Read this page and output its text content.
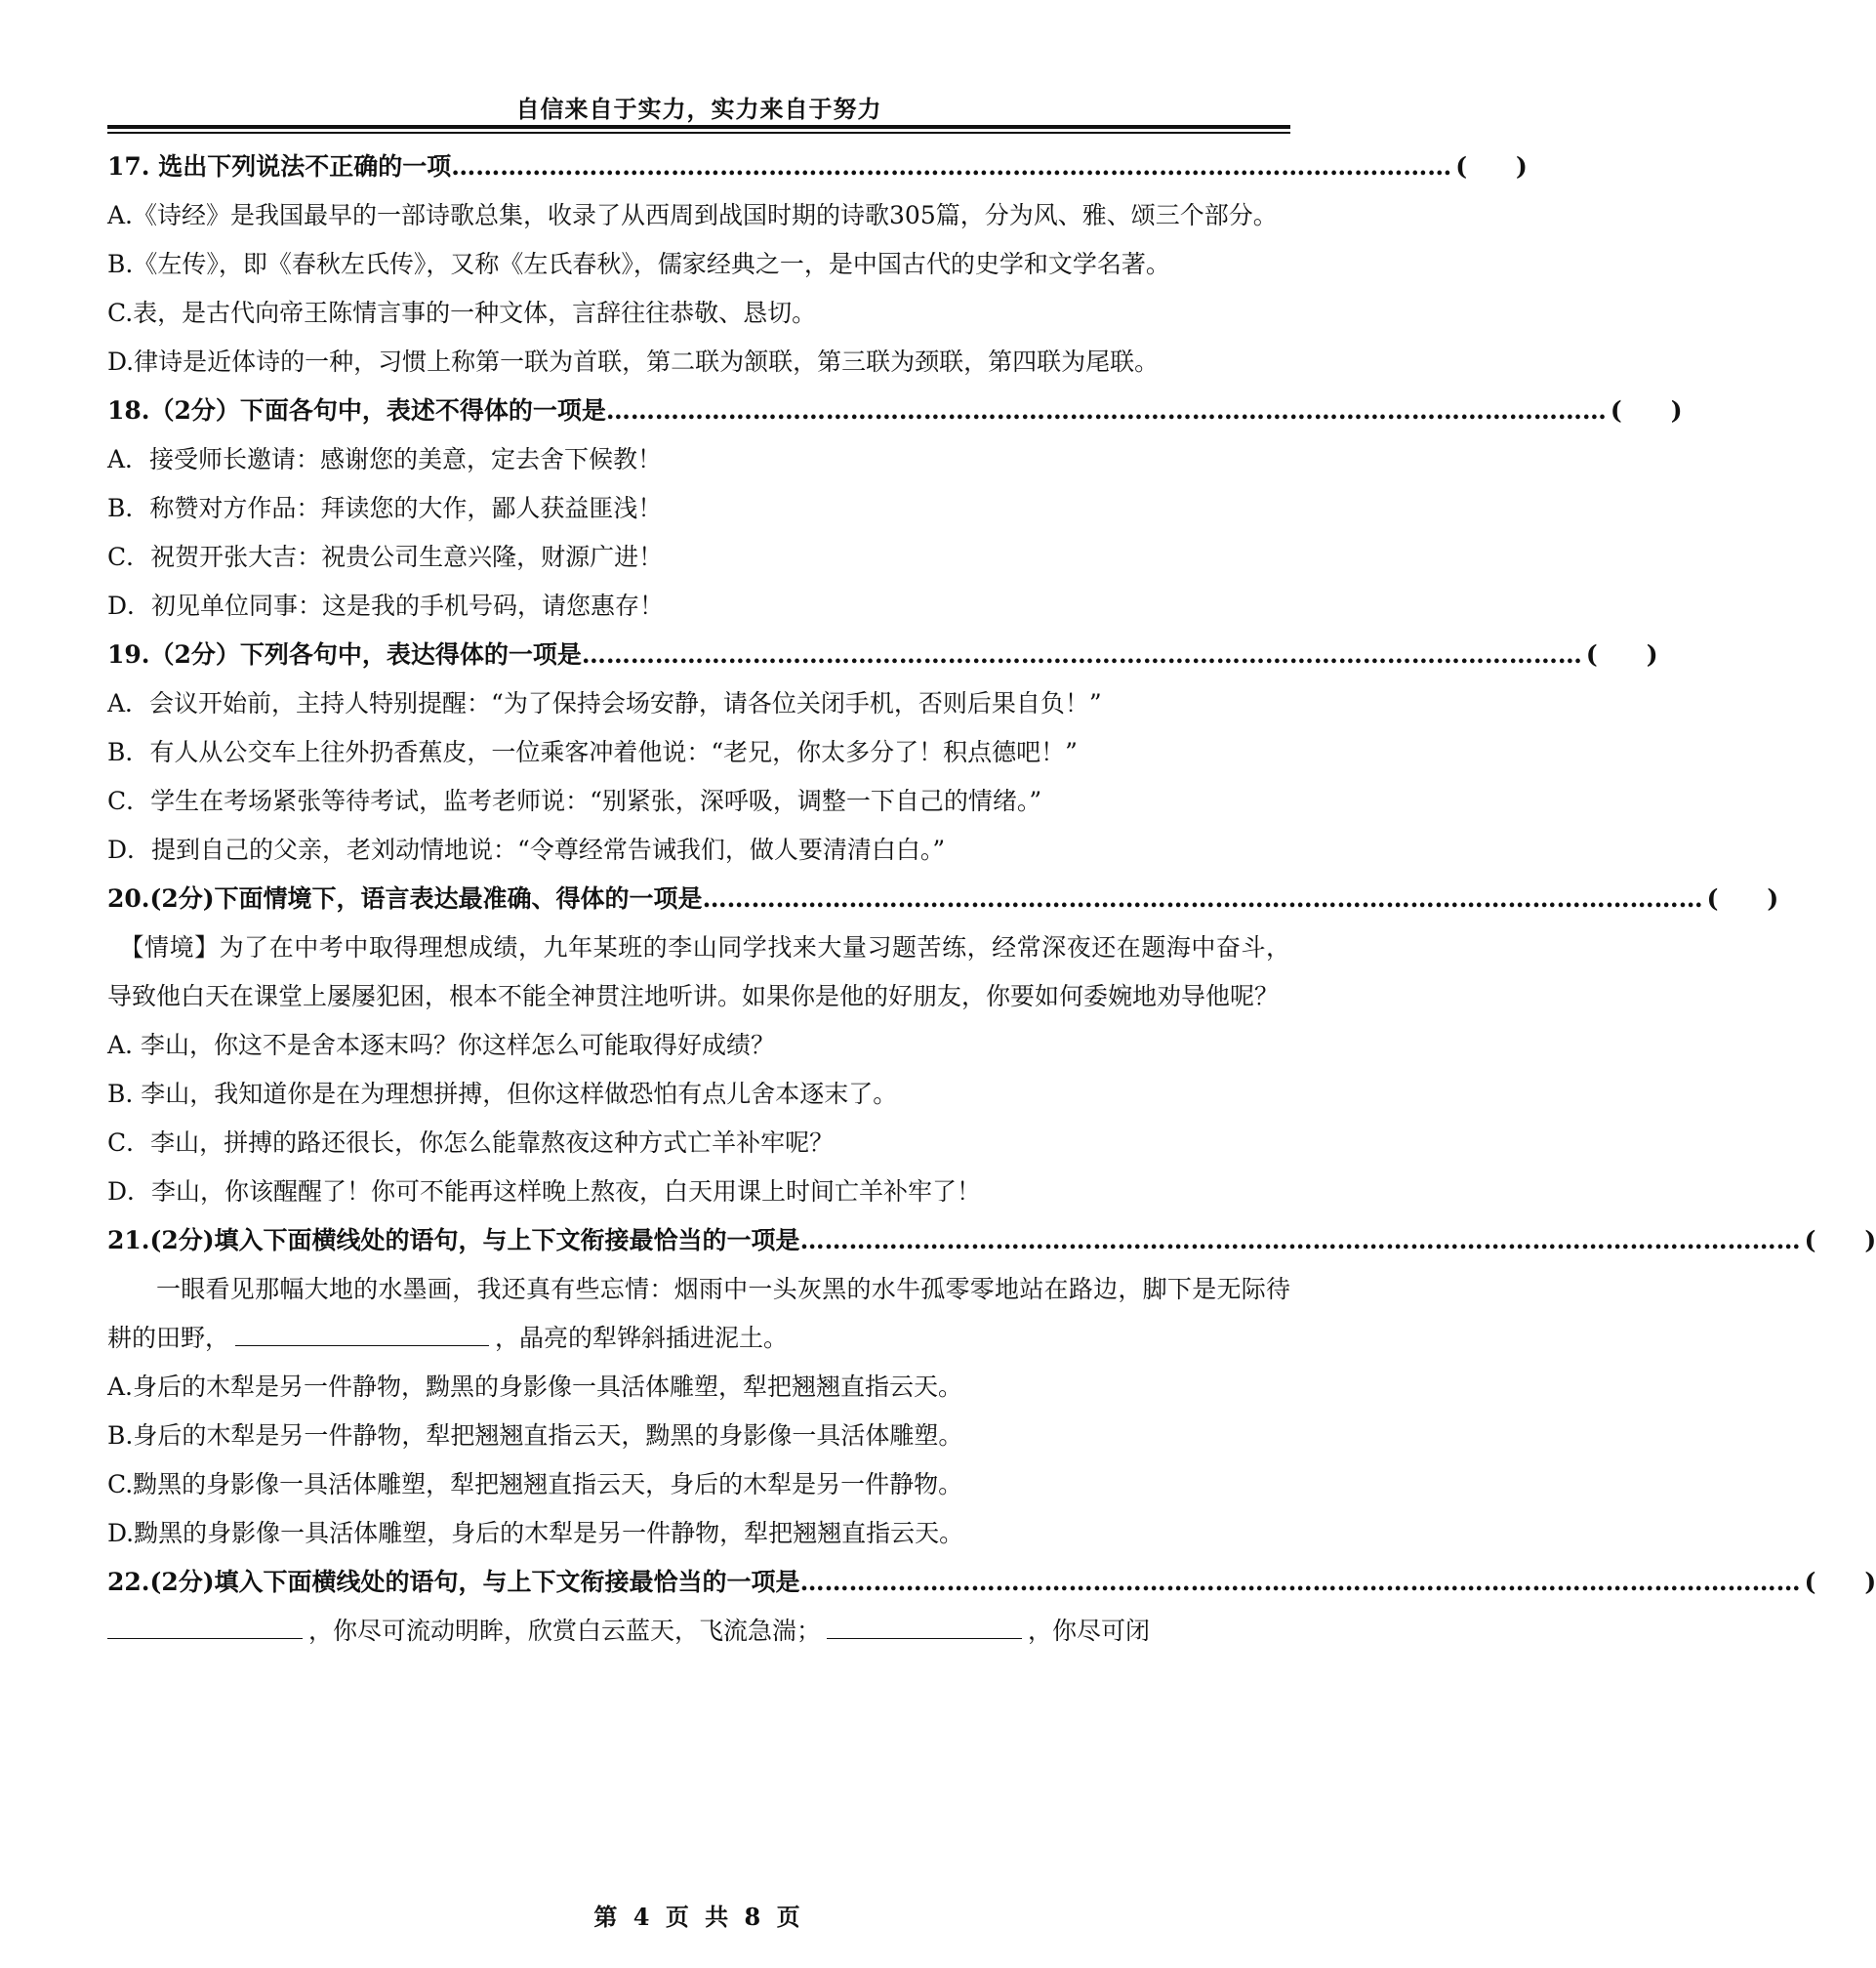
自信来自于实力，实力来自于努力
17. 选出下列说法不正确的一项 …………………………………………………………………………………………………………… (　　)
A.《诗经》是我国最早的一部诗歌总集，收录了从西周到战国时期的诗歌305篇，分为风、雅、颂三个部分。
B.《左传》，即《春秋左氏传》，又称《左氏春秋》，儒家经典之一，是中国古代的史学和文学名著。
C.表，是古代向帝王陈情言事的一种文体，言辞往往恭敬、恳切。
D.律诗是近体诗的一种，习惯上称第一联为首联，第二联为颔联，第三联为颈联，第四联为尾联。
18.（2分）下面各句中，表述不得体的一项是 …………………………………………………………………………………………………………… (　　)
A．接受师长邀请：感谢您的美意，定去舍下候教！
B．称赞对方作品：拜读您的大作，鄙人获益匪浅！
C．祝贺开张大吉：祝贵公司生意兴隆，财源广进！
D．初见单位同事：这是我的手机号码，请您惠存！
19.（2分）下列各句中，表达得体的一项是 …………………………………………………………………………………………………………… (　　)
A．会议开始前，主持人特别提醒：“为了保持会场安静，请各位关闭手机，否则后果自负！”
B．有人从公交车上往外扔香蕉皮，一位乘客冲着他说：“老兄，你太多分了！积点德吧！”
C．学生在考场紧张等待考试，监考老师说：“别紧张，深呼吸，调整一下自己的情绪。”
D．提到自己的父亲，老刘动情地说：“令尊经常告诫我们，做人要清清白白。”
20.(2分)下面情境下，语言表达最准确、得体的一项是 …………………………………………………………………………………………………………… (　　)
【情境】为了在中考中取得理想成绩，九年某班的李山同学找来大量习题苦练，经常深夜还在题海中奋斗，导致他白天在课堂上屡屡犯困，根本不能全神贯注地听讲。如果你是他的好朋友，你要如何委婉地劝导他呢？
A. 李山，你这不是舍本逐末吗？你这样怎么可能取得好成绩？
B. 李山，我知道你是在为理想拼搏，但你这样做恐怕有点儿舍本逐末了。
C．李山，拼搏的路还很长，你怎么能靠熬夜这种方式亡羊补牢呢？
D．李山，你该醒醒了！你可不能再这样晚上熬夜，白天用课上时间亡羊补牢了！
21.(2分)填入下面横线处的语句，与上下文衔接最恰当的一项是 …………………………………………………………………………………………………………… (　　)
一眼看见那幅大地的水墨画，我还真有些忘情：烟雨中一头灰黑的水牛孤零零地站在路边，脚下是无际待耕的田野，	，晶亮的犁铧斜插进泥土。
A.身后的木犁是另一件静物，黝黑的身影像一具活体雕塑，犁把翘翘直指云天。
B.身后的木犁是另一件静物，犁把翘翘直指云天，黝黑的身影像一具活体雕塑。
C.黝黑的身影像一具活体雕塑，犁把翘翘直指云天，身后的木犁是另一件静物。
D.黝黑的身影像一具活体雕塑，身后的木犁是另一件静物，犁把翘翘直指云天。
22.(2分)填入下面横线处的语句，与上下文衔接最恰当的一项是 …………………………………………………………………………………………………………… (　　)
，你尽可流动明眸，欣赏白云蓝天，飞流急湍；	，你尽可闭
第 4 页 共 8 页
